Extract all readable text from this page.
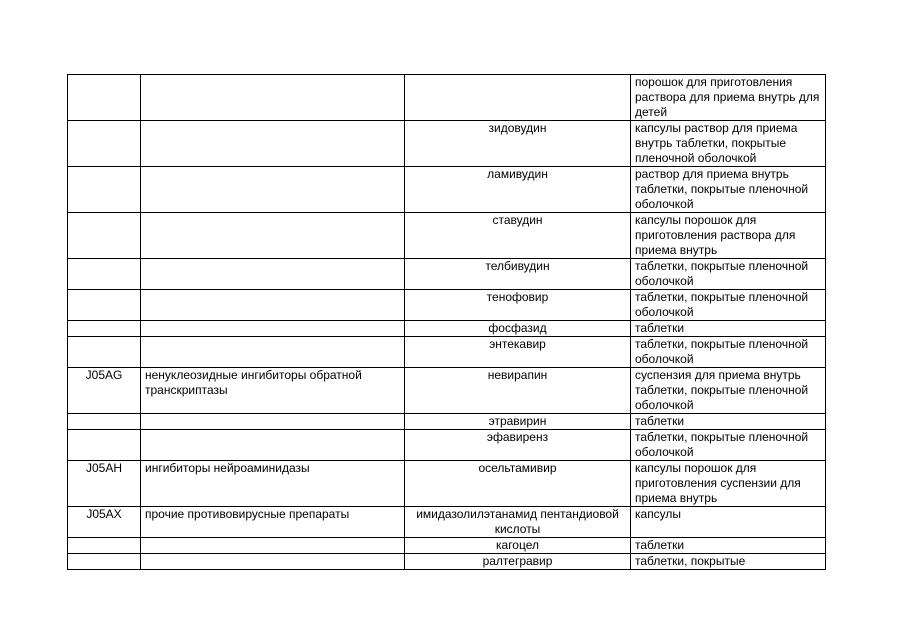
			порошок для приготовления раствора для приема внутрь для детей

		зидовудин	капсулы раствор для приема внутрь таблетки, покрытые пленочной оболочкой

		ламивудин	раствор для приема внутрь таблетки, покрытые пленочной оболочкой

		ставудин	капсулы порошок для приготовления раствора для приема внутрь

		телбивудин	таблетки, покрытые пленочной оболочкой

		тенофовир	таблетки, покрытые пленочной оболочкой

		фосфазид	таблетки

		энтекавир	таблетки, покрытые пленочной оболочкой

J05AG	ненуклеозидные ингибиторы обратной транскриптазы	невирапин	суспензия для приема внутрь таблетки, покрытые пленочной оболочкой

		этравирин	таблетки

		эфавиренз	таблетки, покрытые пленочной оболочкой

J05AH	ингибиторы нейроаминидазы	осельтамивир	капсулы порошок для приготовления суспензии для приема внутрь

J05AX	прочие противовирусные препараты	имидазолилэтанамид пентандиовой кислоты	капсулы

		кагоцел	таблетки

		ралтегравир	таблетки, покрытые
